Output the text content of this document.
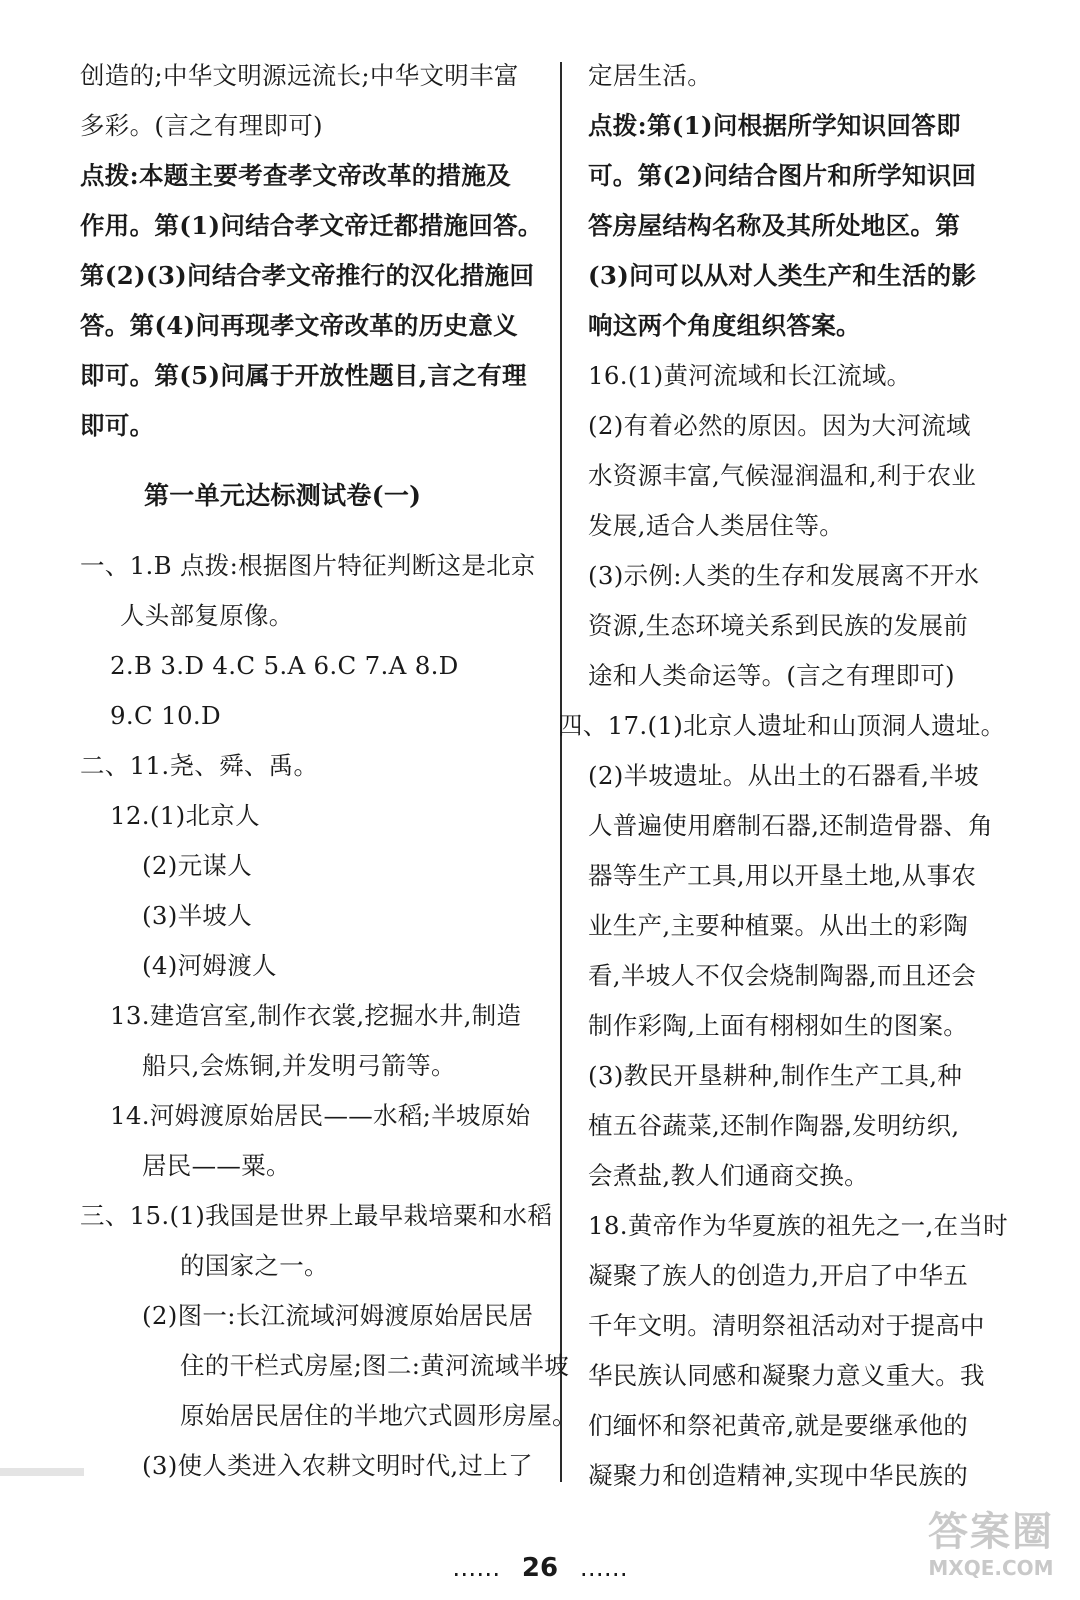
创造的;中华文明源远流长;中华文明丰富
多彩。(言之有理即可)
点拨:本题主要考查孝文帝改革的措施及
作用。第(1)问结合孝文帝迁都措施回答。
第(2)(3)问结合孝文帝推行的汉化措施回
答。第(4)问再现孝文帝改革的历史意义
即可。第(5)问属于开放性题目,言之有理
即可。
第一单元达标测试卷(一)
一、1.B 点拨:根据图片特征判断这是北京
人头部复原像。
2.B 3.D 4.C 5.A 6.C 7.A 8.D
9.C 10.D
二、11.尧、舜、禹。
12.(1)北京人
(2)元谋人
(3)半坡人
(4)河姆渡人
13.建造宫室,制作衣裳,挖掘水井,制造
船只,会炼铜,并发明弓箭等。
14.河姆渡原始居民——水稻;半坡原始
居民——粟。
三、15.(1)我国是世界上最早栽培粟和水稻
的国家之一。
(2)图一:长江流域河姆渡原始居民居
住的干栏式房屋;图二:黄河流域半坡
原始居民居住的半地穴式圆形房屋。
(3)使人类进入农耕文明时代,过上了
定居生活。
点拨:第(1)问根据所学知识回答即
可。第(2)问结合图片和所学知识回
答房屋结构名称及其所处地区。第
(3)问可以从对人类生产和生活的影
响这两个角度组织答案。
16.(1)黄河流域和长江流域。
(2)有着必然的原因。因为大河流域
水资源丰富,气候湿润温和,利于农业
发展,适合人类居住等。
(3)示例:人类的生存和发展离不开水
资源,生态环境关系到民族的发展前
途和人类命运等。(言之有理即可)
四、17.(1)北京人遗址和山顶洞人遗址。
(2)半坡遗址。从出土的石器看,半坡
人普遍使用磨制石器,还制造骨器、角
器等生产工具,用以开垦土地,从事农
业生产,主要种植粟。从出土的彩陶
看,半坡人不仅会烧制陶器,而且还会
制作彩陶,上面有栩栩如生的图案。
(3)教民开垦耕种,制作生产工具,种
植五谷蔬菜,还制作陶器,发明纺织,
会煮盐,教人们通商交换。
18.黄帝作为华夏族的祖先之一,在当时
凝聚了族人的创造力,开启了中华五
千年文明。清明祭祖活动对于提高中
华民族认同感和凝聚力意义重大。我
们缅怀和祭祀黄帝,就是要继承他的
凝聚力和创造精神,实现中华民族的
…… 26 ……
答案圈
MXQE.COM
